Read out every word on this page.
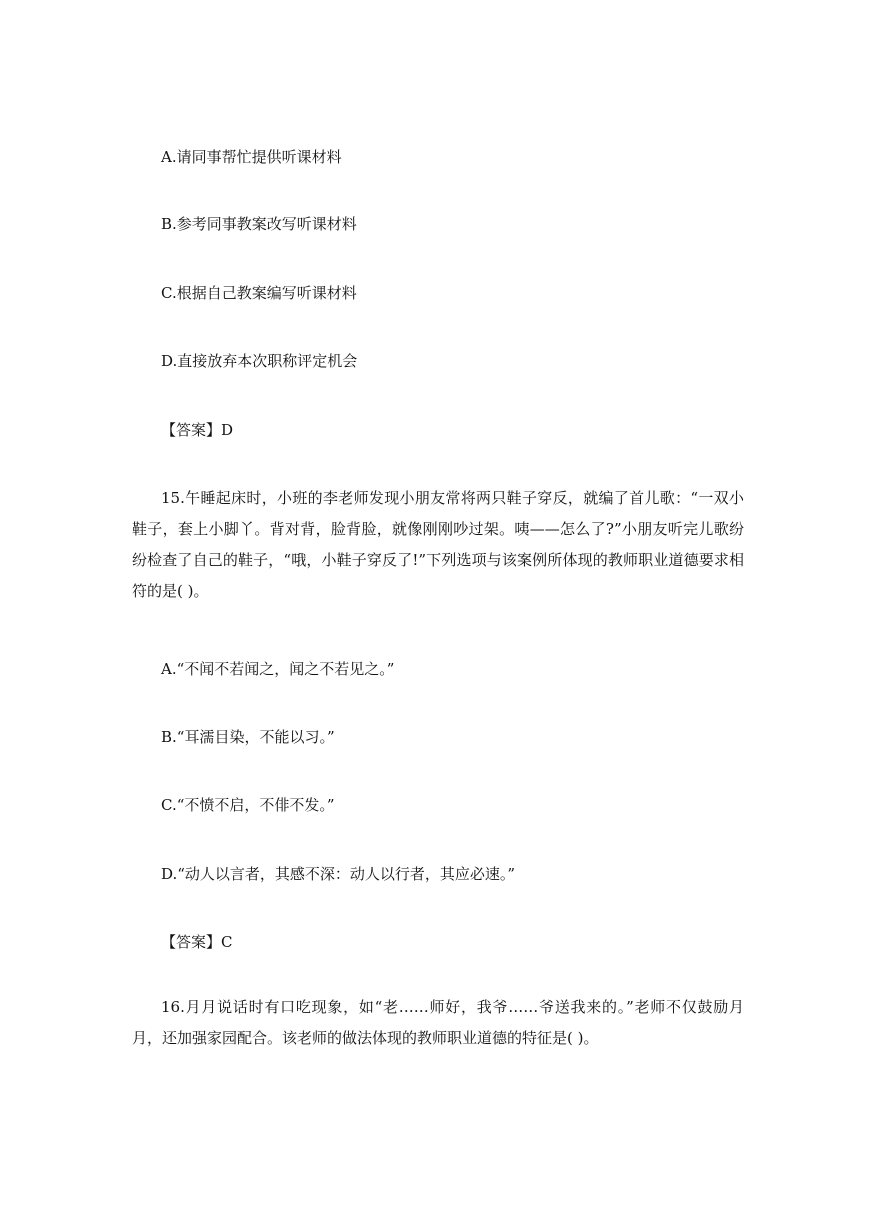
A.请同事帮忙提供听课材料
B.参考同事教案改写听课材料
C.根据自己教案编写听课材料
D.直接放弃本次职称评定机会
【答案】D
15.午睡起床时，小班的李老师发现小朋友常将两只鞋子穿反，就编了首儿歌：“一双小鞋子，套上小脚丫。背对背，脸背脸，就像刚刚吵过架。咦——怎么了?”小朋友听完儿歌纷纷检查了自己的鞋子，“哦，小鞋子穿反了!”下列选项与该案例所体现的教师职业道德要求相符的是( )。
A.“不闻不若闻之，闻之不若见之。”
B.“耳濡目染，不能以习。”
C.“不愤不启，不俳不发。”
D.“动人以言者，其感不深：动人以行者，其应必速。”
【答案】C
16.月月说话时有口吃现象，如“老……师好，我爷……爷送我来的。”老师不仅鼓励月月，还加强家园配合。该老师的做法体现的教师职业道德的特征是( )。
